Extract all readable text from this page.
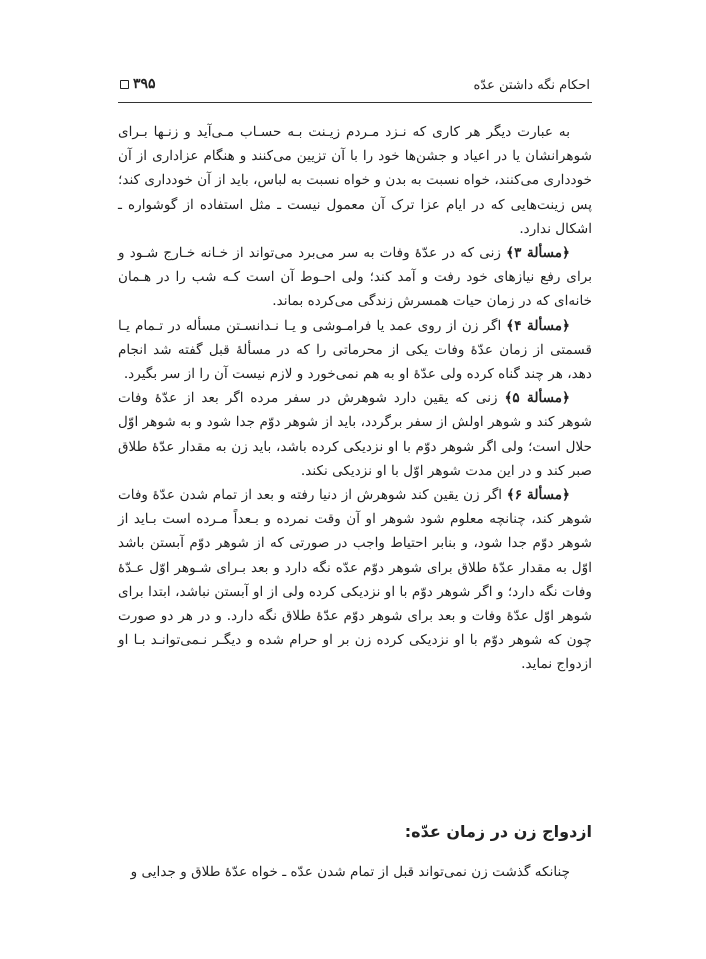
احکام نگه داشتن عدّه
۳۹۵

به عبارت دیگر هر کاری که نـزد مـردم زیـنت بـه حسـاب مـی‌آید و زنـها بـرای شوهرانشان یا در اعیاد و جشن‌ها خود را با آن تزیین می‌کنند و هنگام عزاداری از آن خودداری می‌کنند، خواه نسبت به بدن و خواه نسبت به لباس، باید از آن خودداری کند؛ پس زینت‌هایی که در ایام عزا ترک آن معمول نیست ـ مثل استفاده از گوشواره ـ اشکال ندارد.

﴿مسألة ۳﴾ زنی که در عدّهٔ وفات به سر می‌برد می‌تواند از خـانه خـارج شـود و برای رفع نیازهای خود رفت و آمد کند؛ ولی احـوط آن است کـه شب را در هـمان خانه‌ای که در زمان حیات همسرش زندگی می‌کرده بماند.

﴿مسألة ۴﴾ اگر زن از روی عمد یا فرامـوشی و یـا نـدانسـتن مسأله در تـمام یـا قسمتی از زمان عدّهٔ وفات یکی از محرماتی را که در مسألهٔ قبل گفته شد انجام دهد، هر چند گناه کرده ولی عدّهٔ او به هم نمی‌خورد و لازم نیست آن را از سر بگیرد.

﴿مسألة ۵﴾ زنی که یقین دارد شوهرش در سفر مرده اگر بعد از عدّهٔ وفات شوهر کند و شوهر اولش از سفر برگردد، باید از شوهر دوّم جدا شود و به شوهر اوّل حلال است؛ ولی اگر شوهر دوّم با او نزدیکی کرده باشد، باید زن به مقدار عدّهٔ طلاق صبر کند و در این مدت شوهر اوّل با او نزدیکی نکند.

﴿مسألة ۶﴾ اگر زن یقین کند شوهرش از دنیا رفته و بعد از تمام شدن عدّهٔ وفات شوهر کند، چنانچه معلوم شود شوهر او آن وقت نمرده و بـعداً مـرده است بـاید از شوهر دوّم جدا شود، و بنابر احتیاط واجب در صورتی که از شوهر دوّم آبستن باشد اوّل به مقدار عدّهٔ طلاق برای شوهر دوّم عدّه نگه دارد و بعد بـرای شـوهر اوّل عـدّهٔ وفات نگه دارد؛ و اگر شوهر دوّم با او نزدیکی کرده ولی از او آبستن نباشد، ابتدا برای شوهر اوّل عدّهٔ وفات و بعد برای شوهر دوّم عدّهٔ طلاق نگه دارد. و در هر دو صورت چون که شوهر دوّم با او نزدیکی کرده زن بر او حرام شده و دیگـر نـمی‌توانـد بـا او ازدواج نماید.

ازدواج زن در زمان عدّه:

چنانکه گذشت زن نمی‌تواند قبل از تمام شدن عدّه ـ خواه عدّهٔ طلاق و جدایی و
